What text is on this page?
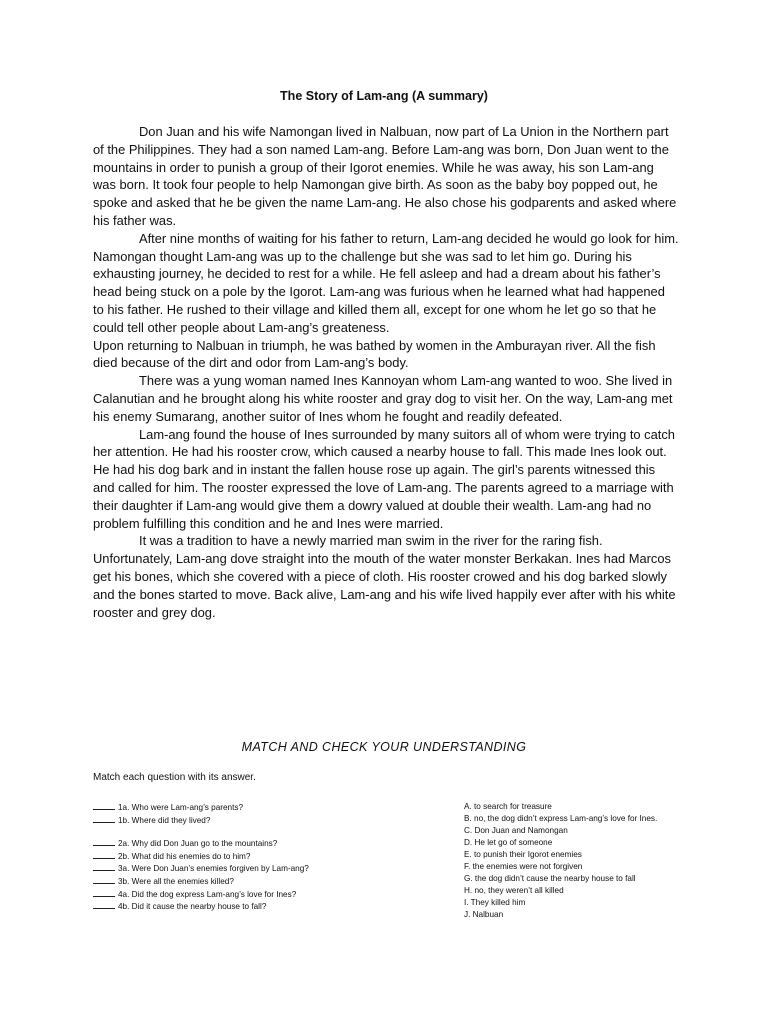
The Story of Lam-ang (A summary)

Don Juan and his wife Namongan lived in Nalbuan, now part of La Union in the Northern part of the Philippines. They had a son named Lam-ang. Before Lam-ang was born, Don Juan went to the mountains in order to punish a group of their Igorot enemies. While he was away, his son Lam-ang was born. It took four people to help Namongan give birth. As soon as the baby boy popped out, he spoke and asked that he be given the name Lam-ang. He also chose his godparents and asked where his father was.

After nine months of waiting for his father to return, Lam-ang decided he would go look for him. Namongan thought Lam-ang was up to the challenge but she was sad to let him go. During his exhausting journey, he decided to rest for a while. He fell asleep and had a dream about his father’s head being stuck on a pole by the Igorot. Lam-ang was furious when he learned what had happened to his father. He rushed to their village and killed them all, except for one whom he let go so that he could tell other people about Lam-ang’s greateness.

Upon returning to Nalbuan in triumph, he was bathed by women in the Amburayan river. All the fish died because of the dirt and odor from Lam-ang’s body.

There was a yung woman named Ines Kannoyan whom Lam-ang wanted to woo. She lived in Calanutian and he brought along his white rooster and gray dog to visit her. On the way, Lam-ang met his enemy Sumarang, another suitor of Ines whom he fought and readily defeated.

Lam-ang found the house of Ines surrounded by many suitors all of whom were trying to catch her attention. He had his rooster crow, which caused a nearby house to fall. This made Ines look out. He had his dog bark and in instant the fallen house rose up again. The girl’s parents witnessed this and called for him. The rooster expressed the love of Lam-ang. The parents agreed to a marriage with their daughter if Lam-ang would give them a dowry valued at double their wealth. Lam-ang had no problem fulfilling this condition and he and Ines were married.

It was a tradition to have a newly married man swim in the river for the raring fish. Unfortunately, Lam-ang dove straight into the mouth of the water monster Berkakan. Ines had Marcos get his bones, which she covered with a piece of cloth. His rooster crowed and his dog barked slowly and the bones started to move. Back alive, Lam-ang and his wife lived happily ever after with his white rooster and grey dog.

MATCH AND CHECK YOUR UNDERSTANDING
Match each question with its answer.
1a. Who were Lam-ang’s parents?
1b. Where did they lived?
2a. Why did Don Juan go to the mountains?
2b. What did his enemies do to him?
3a. Were Don Juan’s enemies forgiven by Lam-ang?
3b. Were all the enemies killed?
4a. Did the dog express Lam-ang’s love for Ines?
4b. Did it cause the nearby house to fall?
A. to search for treasure
B. no, the dog didn’t express Lam-ang’s love for Ines.
C. Don Juan and Namongan
D. He let go of someone
E. to punish their Igorot enemies
F. the enemies were not forgiven
G. the dog didn’t cause the nearby house to fall
H. no, they weren’t all killed
I. They killed him
J. Nalbuan
